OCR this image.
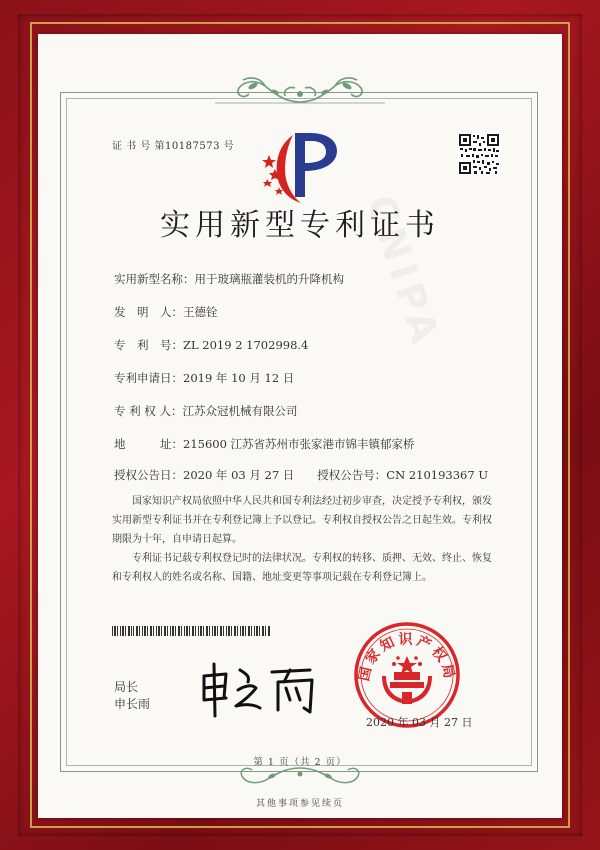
证 书 号 第10187573 号
CNIPA
实用新型专利证书
实用新型名称：用于玻璃瓶灌装机的升降机构
发　明　人：王德铨
专　利　号：ZL 2019 2 1702998.4
专利申请日：2019 年 10 月 12 日
专 利 权 人：江苏众冠机械有限公司
地　　　址：215600 江苏省苏州市张家港市锦丰镇郁家桥
授权公告日：2020 年 03 月 27 日　　授权公告号：CN 210193367 U
国家知识产权局依照中华人民共和国专利法经过初步审查，决定授予专利权，颁发实用新型专利证书并在专利登记簿上予以登记。专利权自授权公告之日起生效。专利权期限为十年，自申请日起算。
专利证书记载专利权登记时的法律状况。专利权的转移、质押、无效、终止、恢复和专利权人的姓名或名称、国籍、地址变更等事项记载在专利登记簿上。
局长
申长雨
国家知识产权局
2020 年 03 月 27 日
第 1 页（共 2 页）
其他事项参见续页
